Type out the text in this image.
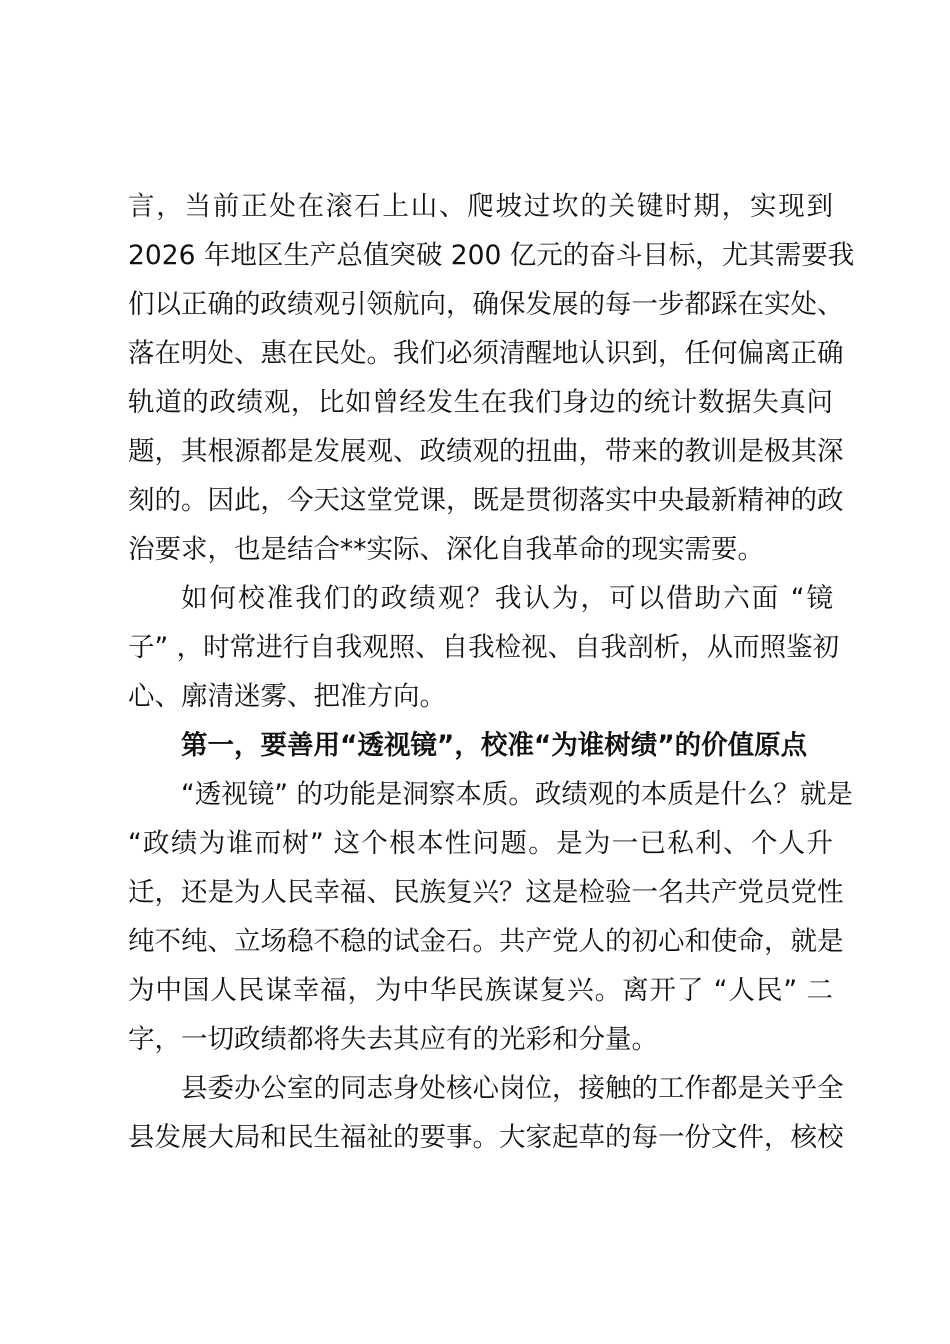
言，当前正处在滚石上山、爬坡过坎的关键时期，实现到
2026 年地区生产总值突破 200 亿元的奋斗目标，尤其需要我
们以正确的政绩观引领航向，确保发展的每一步都踩在实处、
落在明处、惠在民处。我们必须清醒地认识到，任何偏离正确
轨道的政绩观，比如曾经发生在我们身边的统计数据失真问
题，其根源都是发展观、政绩观的扭曲，带来的教训是极其深
刻的。因此，今天这堂党课，既是贯彻落实中央最新精神的政
治要求，也是结合**实际、深化自我革命的现实需要。

如何校准我们的政绩观？我认为，可以借助六面 “镜
子” ，时常进行自我观照、自我检视、自我剖析，从而照鉴初
心、廓清迷雾、把准方向。

第一，要善用“透视镜”，校准“为谁树绩”的价值原点

“透视镜” 的功能是洞察本质。政绩观的本质是什么？就是
“政绩为谁而树” 这个根本性问题。是为一已私利、个人升
迁，还是为人民幸福、民族复兴？这是检验一名共产党员党性
纯不纯、立场稳不稳的试金石。共产党人的初心和使命，就是
为中国人民谋幸福，为中华民族谋复兴。离开了 “人民” 二
字，一切政绩都将失去其应有的光彩和分量。

县委办公室的同志身处核心岗位，接触的工作都是关乎全
县发展大局和民生福祉的要事。大家起草的每一份文件，核校
